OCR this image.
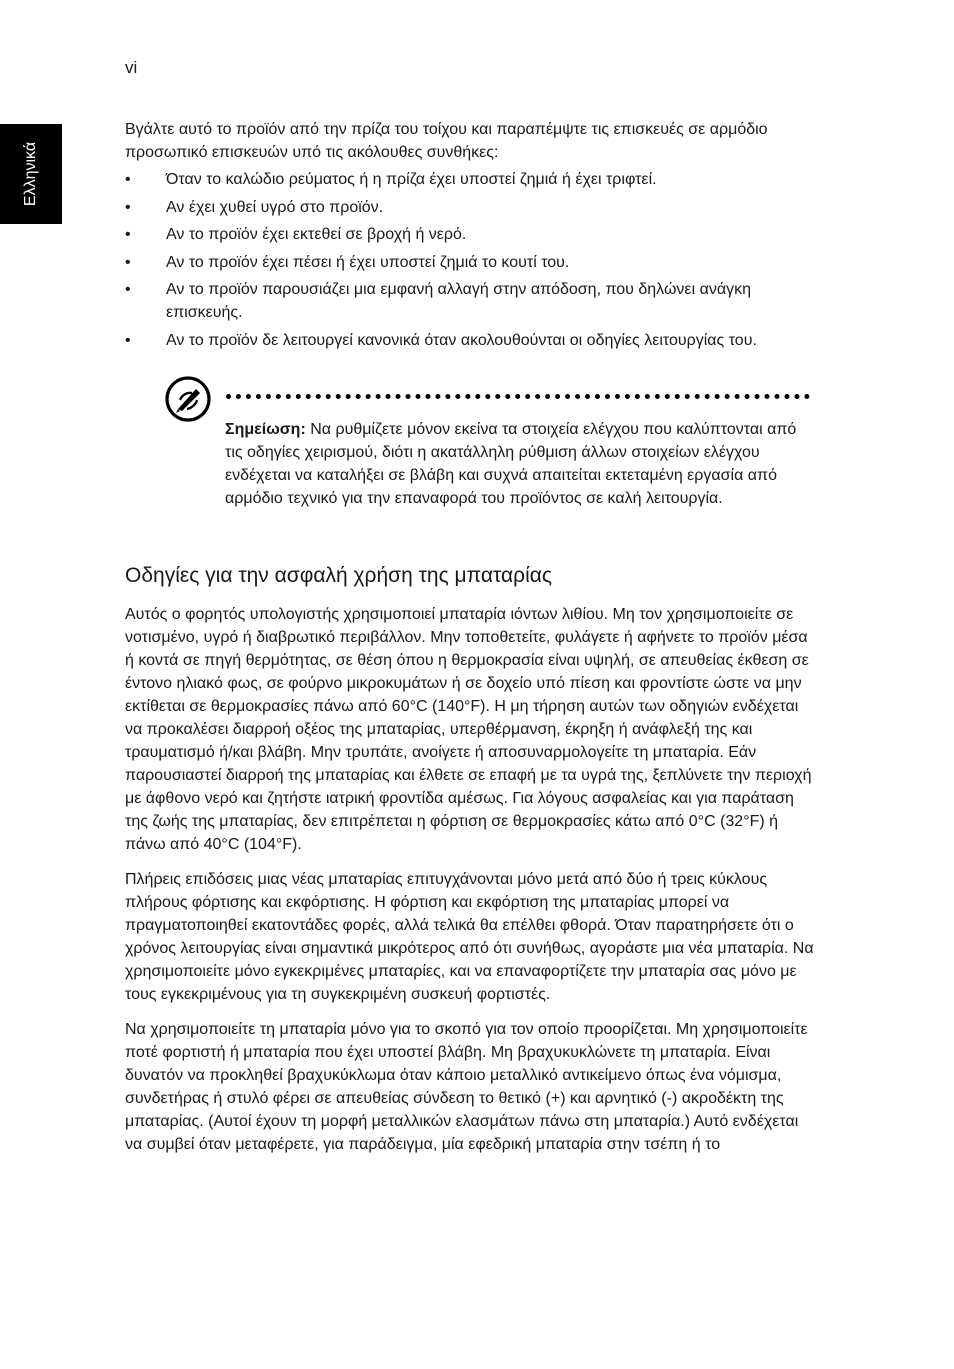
vi
Ελληνικά

Βγάλτε αυτό το προϊόν από την πρίζα του τοίχου και παραπέμψτε τις επισκευές σε αρμόδιο προσωπικό επισκευών υπό τις ακόλουθες συνθήκες:

• Όταν το καλώδιο ρεύματος ή η πρίζα έχει υποστεί ζημιά ή έχει τριφτεί.
• Αν έχει χυθεί υγρό στο προϊόν.
• Αν το προϊόν έχει εκτεθεί σε βροχή ή νερό.
• Αν το προϊόν έχει πέσει ή έχει υποστεί ζημιά το κουτί του.
• Αν το προϊόν παρουσιάζει μια εμφανή αλλαγή στην απόδοση, που δηλώνει ανάγκη επισκευής.
• Αν το προϊόν δε λειτουργεί κανονικά όταν ακολουθούνται οι οδηγίες λειτουργίας του.

Σημείωση: Να ρυθμίζετε μόνον εκείνα τα στοιχεία ελέγχου που καλύπτονται από τις οδηγίες χειρισμού, διότι η ακατάλληλη ρύθμιση άλλων στοιχείων ελέγχου ενδέχεται να καταλήξει σε βλάβη και συχνά απαιτείται εκτεταμένη εργασία από αρμόδιο τεχνικό για την επαναφορά του προϊόντος σε καλή λειτουργία.

Οδηγίες για την ασφαλή χρήση της μπαταρίας

Αυτός ο φορητός υπολογιστής χρησιμοποιεί μπαταρία ιόντων λιθίου. Μη τον χρησιμοποιείτε σε νοτισμένο, υγρό ή διαβρωτικό περιβάλλον. Μην τοποθετείτε, φυλάγετε ή αφήνετε το προϊόν μέσα ή κοντά σε πηγή θερμότητας, σε θέση όπου η θερμοκρασία είναι υψηλή, σε απευθείας έκθεση σε έντονο ηλιακό φως, σε φούρνο μικροκυμάτων ή σε δοχείο υπό πίεση και φροντίστε ώστε να μην εκτίθεται σε θερμοκρασίες πάνω από 60°C (140°F). Η μη τήρηση αυτών των οδηγιών ενδέχεται να προκαλέσει διαρροή οξέος της μπαταρίας, υπερθέρμανση, έκρηξη ή ανάφλεξή της και τραυματισμό ή/και βλάβη. Μην τρυπάτε, ανοίγετε ή αποσυναρμολογείτε τη μπαταρία. Εάν παρουσιαστεί διαρροή της μπαταρίας και έλθετε σε επαφή με τα υγρά της, ξεπλύνετε την περιοχή με άφθονο νερό και ζητήστε ιατρική φροντίδα αμέσως. Για λόγους ασφαλείας και για παράταση της ζωής της μπαταρίας, δεν επιτρέπεται η φόρτιση σε θερμοκρασίες κάτω από 0°C (32°F) ή πάνω από 40°C (104°F).

Πλήρεις επιδόσεις μιας νέας μπαταρίας επιτυγχάνονται μόνο μετά από δύο ή τρεις κύκλους πλήρους φόρτισης και εκφόρτισης. Η φόρτιση και εκφόρτιση της μπαταρίας μπορεί να πραγματοποιηθεί εκατοντάδες φορές, αλλά τελικά θα επέλθει φθορά. Όταν παρατηρήσετε ότι ο χρόνος λειτουργίας είναι σημαντικά μικρότερος από ότι συνήθως, αγοράστε μια νέα μπαταρία. Να χρησιμοποιείτε μόνο εγκεκριμένες μπαταρίες, και να επαναφορτίζετε την μπαταρία σας μόνο με τους εγκεκριμένους για τη συγκεκριμένη συσκευή φορτιστές.

Να χρησιμοποιείτε τη μπαταρία μόνο για το σκοπό για τον οποίο προορίζεται. Μη χρησιμοποιείτε ποτέ φορτιστή ή μπαταρία που έχει υποστεί βλάβη. Μη βραχυκυκλώνετε τη μπαταρία. Είναι δυνατόν να προκληθεί βραχυκύκλωμα όταν κάποιο μεταλλικό αντικείμενο όπως ένα νόμισμα, συνδετήρας ή στυλό φέρει σε απευθείας σύνδεση το θετικό (+) και αρνητικό (-) ακροδέκτη της μπαταρίας. (Αυτοί έχουν τη μορφή μεταλλικών ελασμάτων πάνω στη μπαταρία.) Αυτό ενδέχεται να συμβεί όταν μεταφέρετε, για παράδειγμα, μία εφεδρική μπαταρία στην τσέπη ή το
